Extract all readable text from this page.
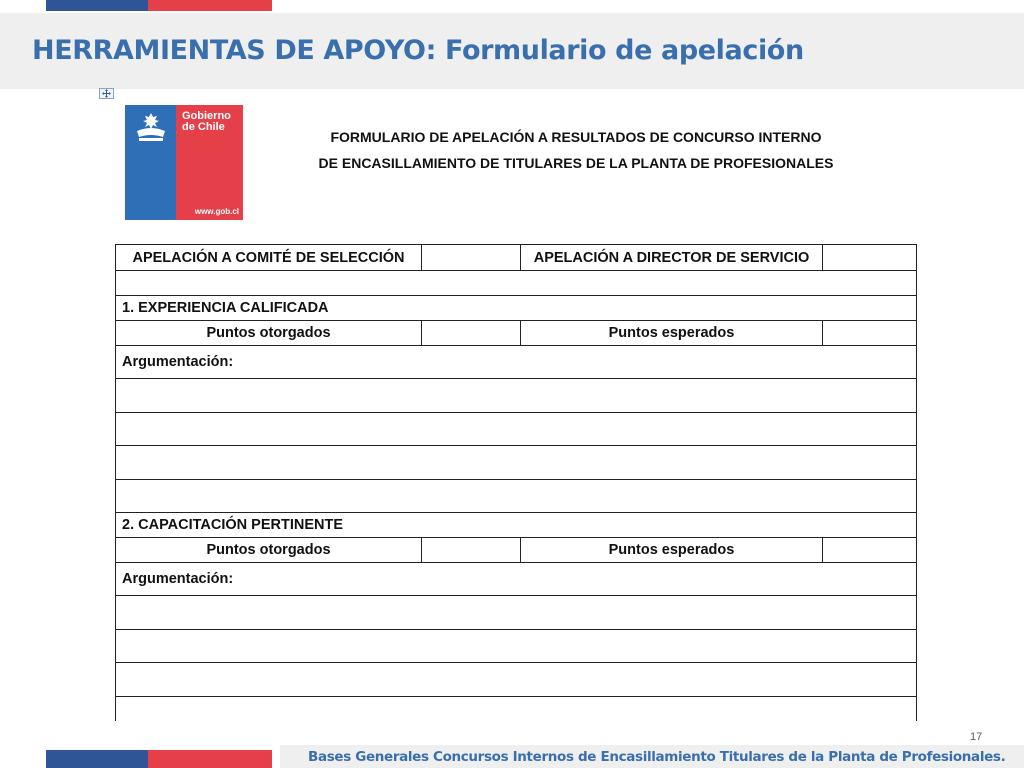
HERRAMIENTAS DE APOYO: Formulario de apelación
Gobierno
de Chile
www.gob.cl
FORMULARIO DE APELACIÓN A RESULTADOS DE CONCURSO INTERNO
DE ENCASILLAMIENTO DE TITULARES DE LA PLANTA DE PROFESIONALES
APELACIÓN A COMITÉ DE SELECCIÓN		APELACIÓN A DIRECTOR DE SERVICIO	

1. EXPERIENCIA CALIFICADA			
Puntos otorgados		Puntos esperados	
Argumentación:			

2. CAPACITACIÓN PERTINENTE			
Puntos otorgados		Puntos esperados	
Argumentación:			

17
Bases Generales Concursos Internos de Encasillamiento Titulares de la Planta de Profesionales.
